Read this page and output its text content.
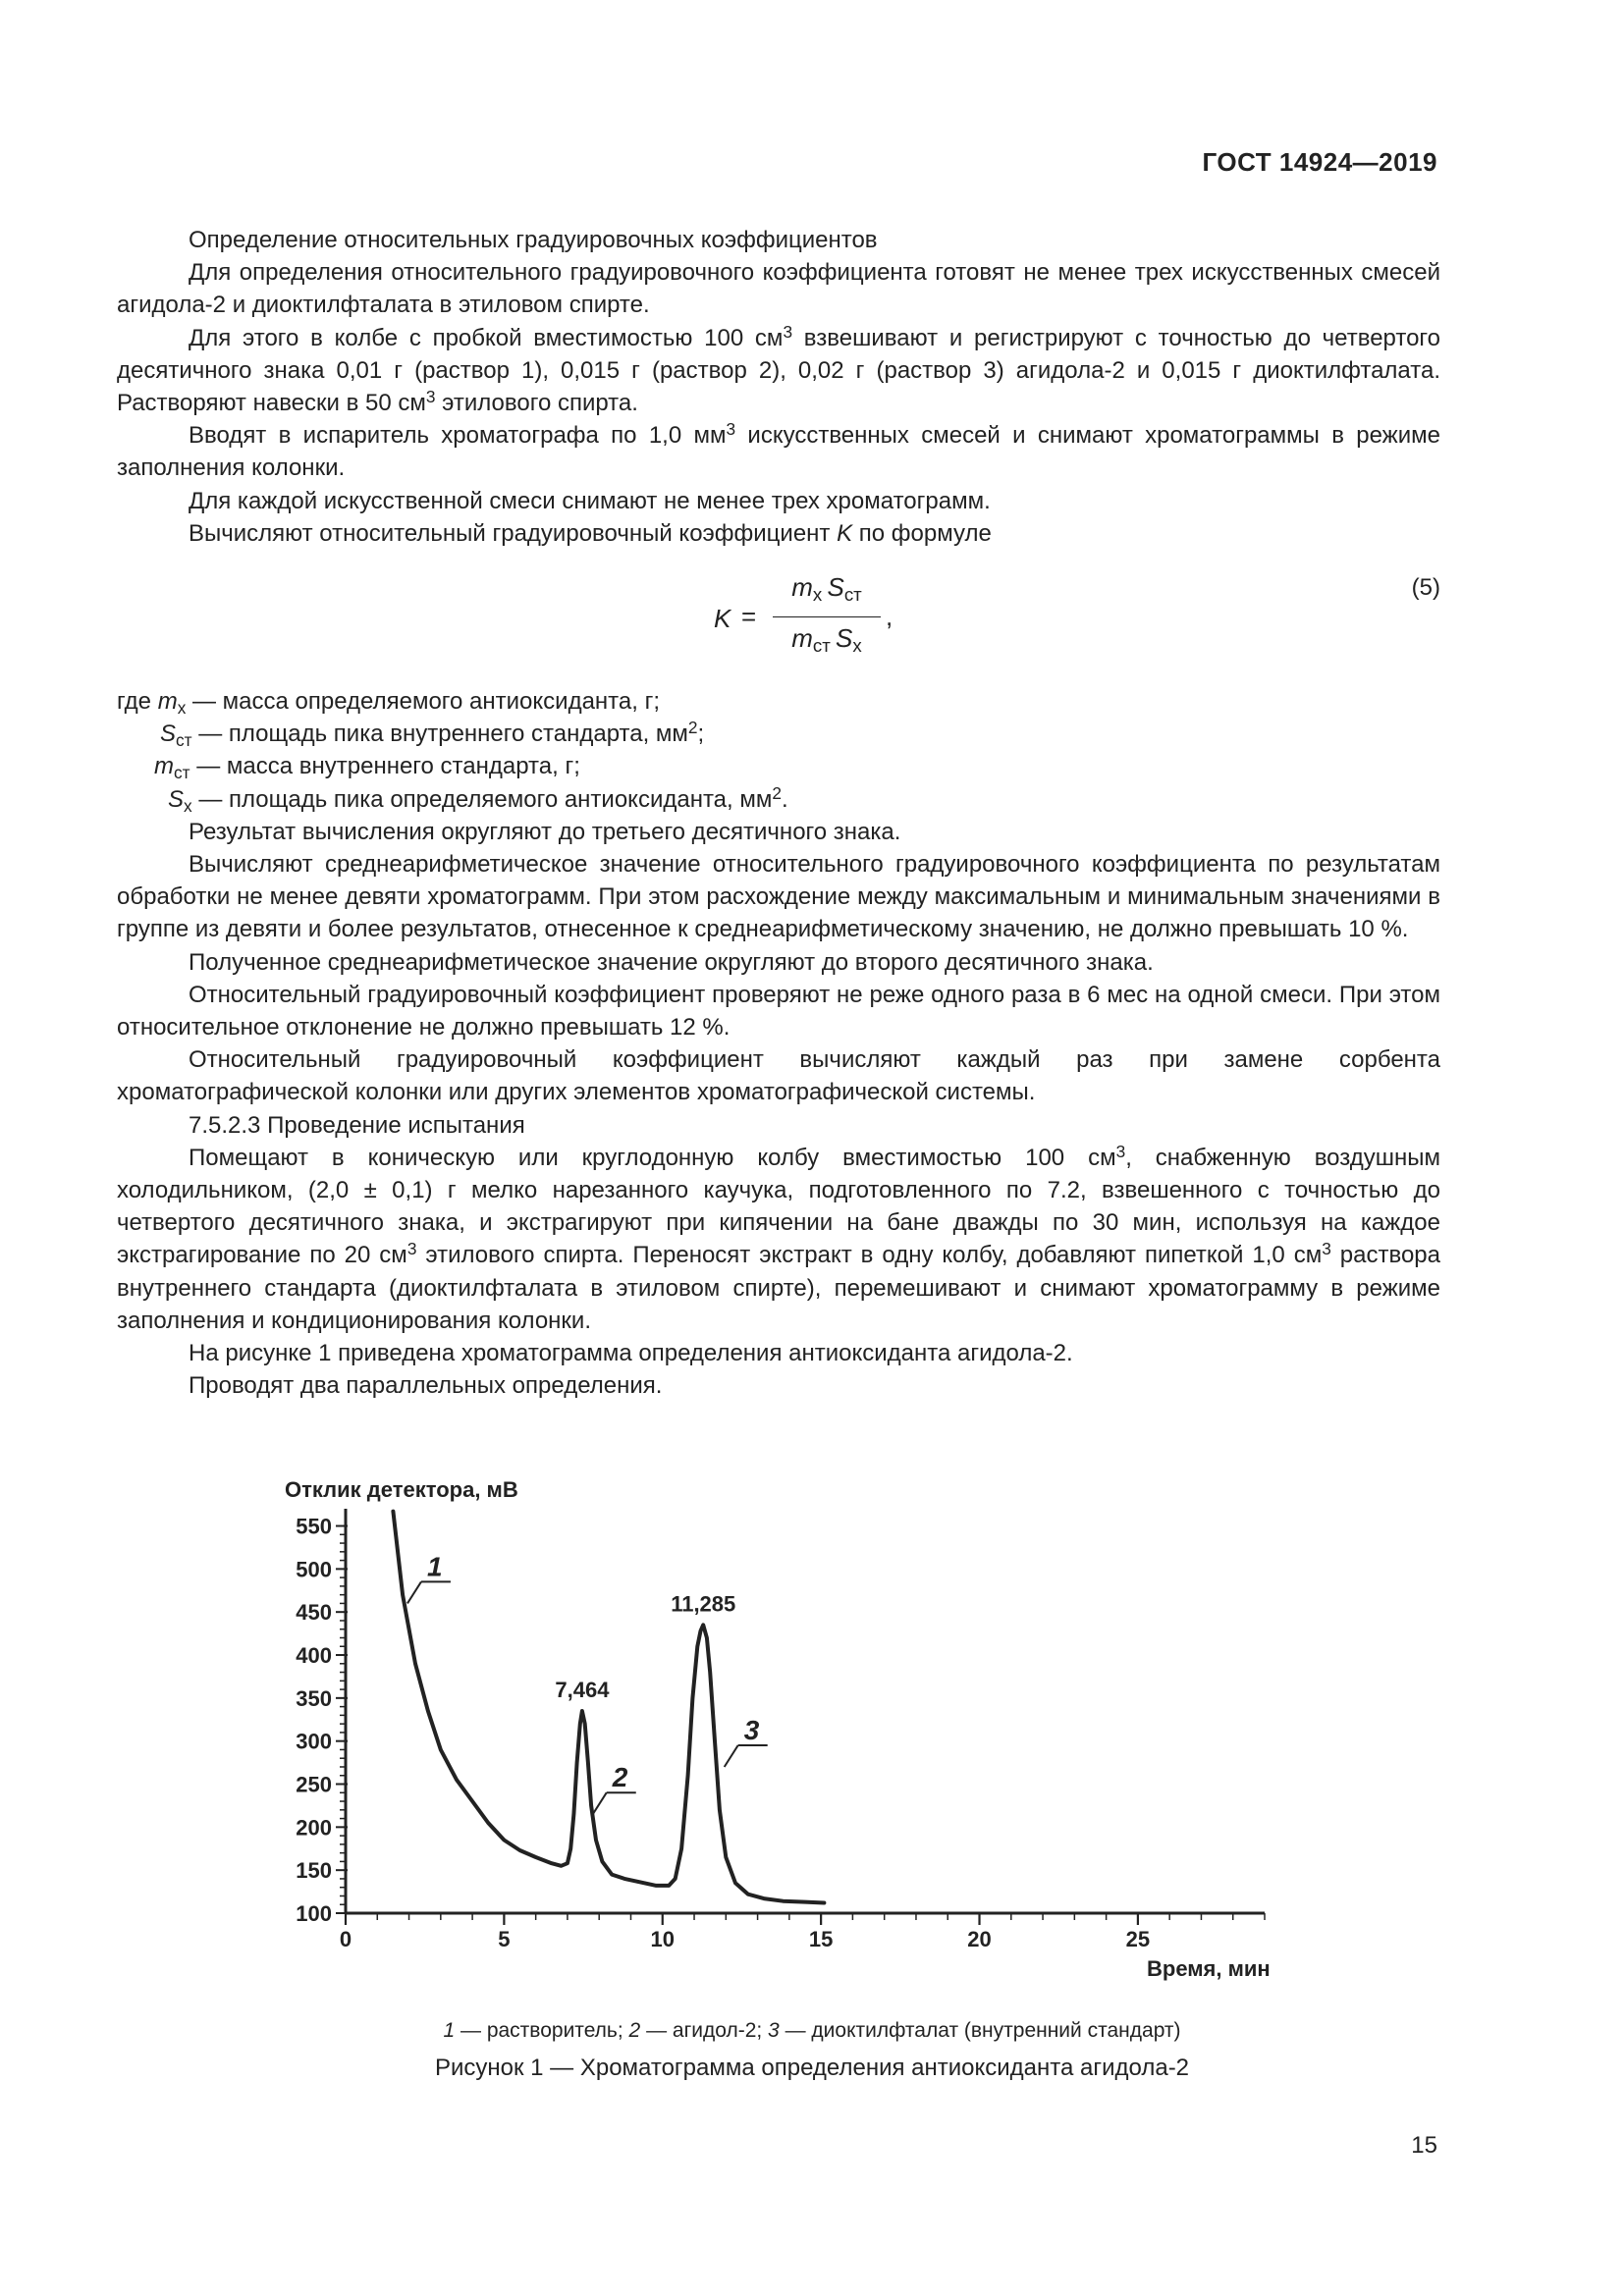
ГОСТ 14924—2019

Определение относительных градуировочных коэффициентов

Для определения относительного градуировочного коэффициента готовят не менее трех искусственных смесей агидола-2 и диоктилфталата в этиловом спирте.

Для этого в колбе с пробкой вместимостью 100 $см^3$ взвешивают и регистрируют с точностью до четвертого десятичного знака 0,01 г (раствор 1), 0,015 г (раствор 2), 0,02 г (раствор 3) агидола-2 и 0,015 г диоктилфталата. Растворяют навески в 50 $см^3$ этилового спирта.

Вводят в испаритель хроматографа по 1,0 $мм^3$ искусственных смесей и снимают хроматограммы в режиме заполнения колонки.

Для каждой искусственной смеси снимают не менее трех хроматограмм.

Вычисляют относительный градуировочный коэффициент K по формуле

K =
$m_x$  $S_{ст}$
$m_{ст}$  $S_x$
,
(5)
где $m_x$ — масса определяемого антиоксиданта, г;
$S_{ст}$ — площадь пика внутреннего стандарта, $мм^2$;
$m_{ст}$ — масса внутреннего стандарта, г;
$S_x$ — площадь пика определяемого антиоксиданта, $мм^2$.

Результат вычисления округляют до третьего десятичного знака.

Вычисляют среднеарифметическое значение относительного градуировочного коэффициента по результатам обработки не менее девяти хроматограмм. При этом расхождение между максимальным и минимальным значениями в группе из девяти и более результатов, отнесенное к среднеарифметическому значению, не должно превышать 10 %.

Полученное среднеарифметическое значение округляют до второго десятичного знака.

Относительный градуировочный коэффициент проверяют не реже одного раза в 6 мес на одной смеси. При этом относительное отклонение не должно превышать 12 %.

Относительный градуировочный коэффициент вычисляют каждый раз при замене сорбента хроматографической колонки или других элементов хроматографической системы.

7.5.2.3 Проведение испытания

Помещают в коническую или круглодонную колбу вместимостью 100 $см^3$, снабженную воздушным холодильником, (2,0 ± 0,1) г мелко нарезанного каучука, подготовленного по 7.2, взвешенного с точностью до четвертого десятичного знака, и экстрагируют при кипячении на бане дважды по 30 мин, используя на каждое экстрагирование по 20 $см^3$ этилового спирта. Переносят экстракт в одну колбу, добавляют пипеткой 1,0 $см^3$ раствора внутреннего стандарта (диоктилфталата в этиловом спирте), перемешивают и снимают хроматограмму в режиме заполнения и кондиционирования колонки.

На рисунке 1 приведена хроматограмма определения антиоксиданта агидола-2.

Проводят два параллельных определения.

Отклик детектора, мВ
Время, мин
100
150
200
250
300
350
400
450
500
550
0	5	10	15	20	25
7,464
11,285
1
2
3
1 — растворитель; 2 — агидол-2; 3 — диоктилфталат (внутренний стандарт)
Рисунок 1 — Хроматограмма определения антиоксиданта агидола-2
15
